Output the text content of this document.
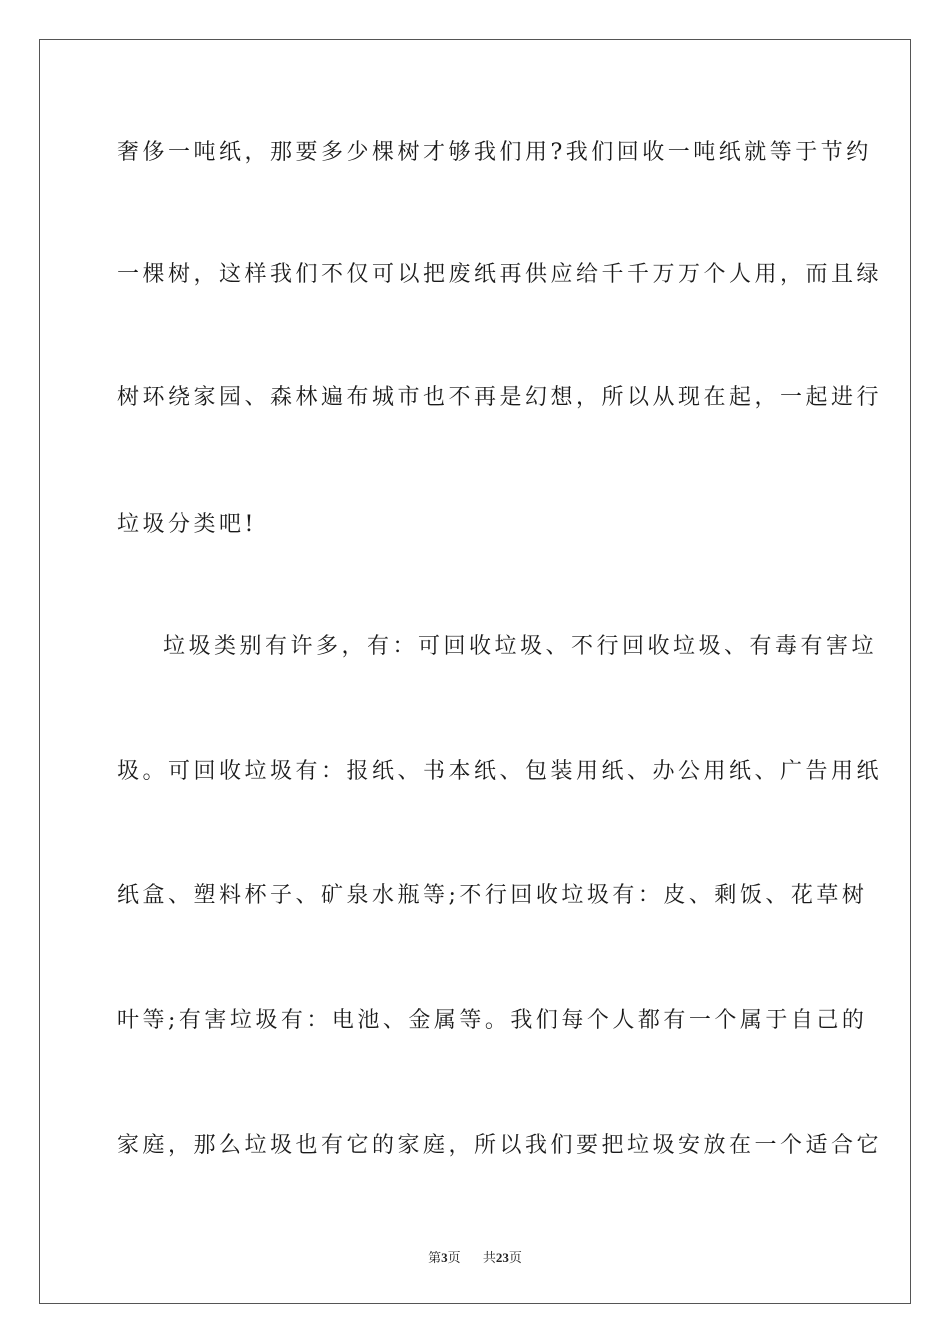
奢侈一吨纸，那要多少棵树才够我们用?我们回收一吨纸就等于节约
一棵树，这样我们不仅可以把废纸再供应给千千万万个人用，而且绿
树环绕家园、森林遍布城市也不再是幻想，所以从现在起，一起进行
垃圾分类吧!
垃圾类别有许多，有：可回收垃圾、不行回收垃圾、有毒有害垃
圾。可回收垃圾有：报纸、书本纸、包装用纸、办公用纸、广告用纸
纸盒、塑料杯子、矿泉水瓶等;不行回收垃圾有：皮、剩饭、花草树
叶等;有害垃圾有：电池、金属等。我们每个人都有一个属于自己的
家庭，那么垃圾也有它的家庭，所以我们要把垃圾安放在一个适合它
第3页 共23页
